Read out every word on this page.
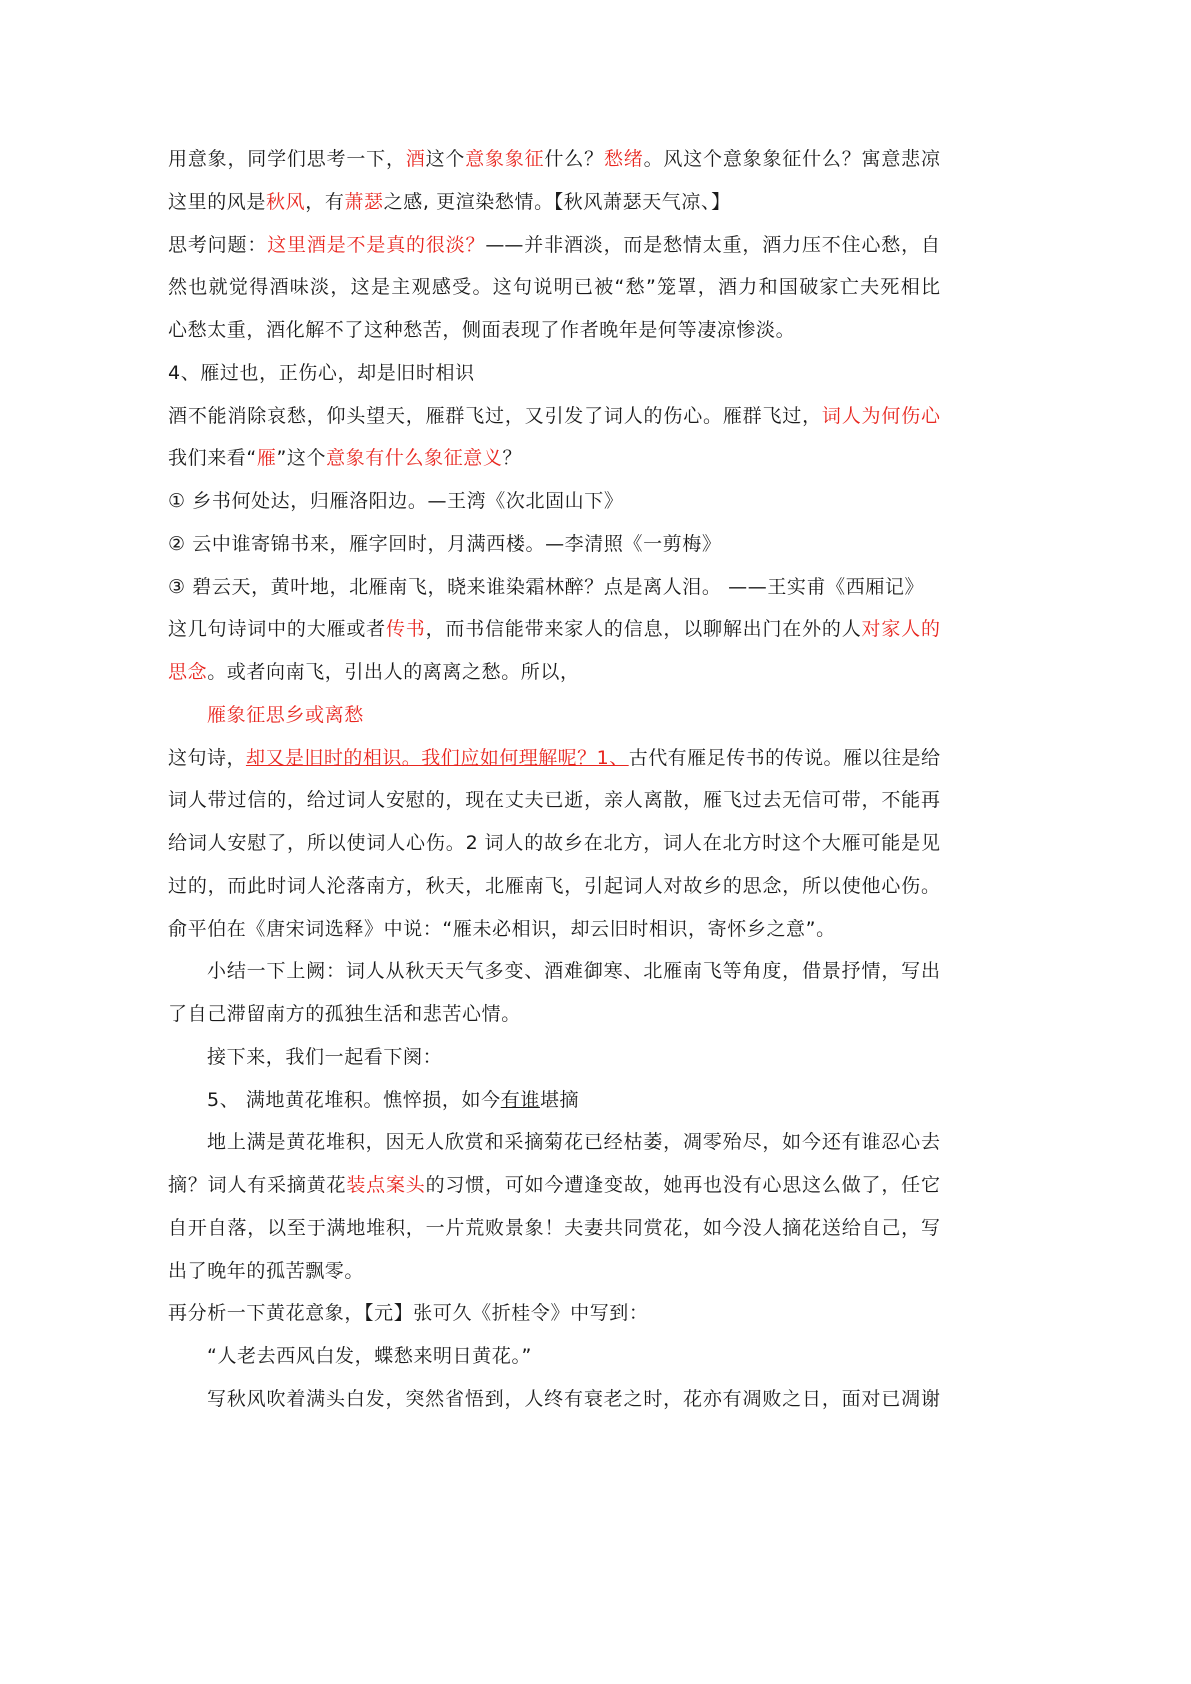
用意象，同学们思考一下，酒这个意象象征什么？愁绪。风这个意象象征什么？寓意悲凉
这里的风是秋风，有萧瑟之感, 更渲染愁情。【秋风萧瑟天气凉、】
思考问题：这里酒是不是真的很淡？——并非酒淡，而是愁情太重，酒力压不住心愁，自
然也就觉得酒味淡，这是主观感受。这句说明已被“愁”笼罩，酒力和国破家亡夫死相比
心愁太重，酒化解不了这种愁苦，侧面表现了作者晚年是何等凄凉惨淡。
4、雁过也，正伤心，却是旧时相识
酒不能消除哀愁，仰头望天，雁群飞过，又引发了词人的伤心。雁群飞过，词人为何伤心
我们来看“雁”这个意象有什么象征意义？
① 乡书何处达，归雁洛阳边。—王湾《次北固山下》
② 云中谁寄锦书来，雁字回时，月满西楼。—李清照《一剪梅》
③ 碧云天，黄叶地，北雁南飞，晓来谁染霜林醉？点是离人泪。 ——王实甫《西厢记》
这几句诗词中的大雁或者传书，而书信能带来家人的信息，以聊解出门在外的人对家人的
思念。或者向南飞，引出人的离离之愁。所以，
雁象征思乡或离愁
这句诗，却又是旧时的相识。我们应如何理解呢？1、古代有雁足传书的传说。雁以往是给
词人带过信的，给过词人安慰的，现在丈夫已逝，亲人离散，雁飞过去无信可带，不能再
给词人安慰了，所以使词人心伤。2 词人的故乡在北方，词人在北方时这个大雁可能是见
过的，而此时词人沦落南方，秋天，北雁南飞，引起词人对故乡的思念，所以使他心伤。
俞平伯在《唐宋词选释》中说：“雁未必相识，却云旧时相识，寄怀乡之意”。
小结一下上阙：词人从秋天天气多变、酒难御寒、北雁南飞等角度，借景抒情，写出
了自己滞留南方的孤独生活和悲苦心情。
接下来，我们一起看下阕：
5、 满地黄花堆积。憔悴损，如今有谁堪摘
地上满是黄花堆积，因无人欣赏和采摘菊花已经枯萎，凋零殆尽，如今还有谁忍心去
摘？词人有采摘黄花装点案头的习惯，可如今遭逢变故，她再也没有心思这么做了，任它
自开自落，以至于满地堆积，一片荒败景象！夫妻共同赏花，如今没人摘花送给自己，写
出了晚年的孤苦飘零。
再分析一下黄花意象，【元】张可久《折桂令》中写到：
“人老去西风白发，蝶愁来明日黄花。”
写秋风吹着满头白发，突然省悟到，人终有衰老之时，花亦有凋败之日，面对已凋谢
